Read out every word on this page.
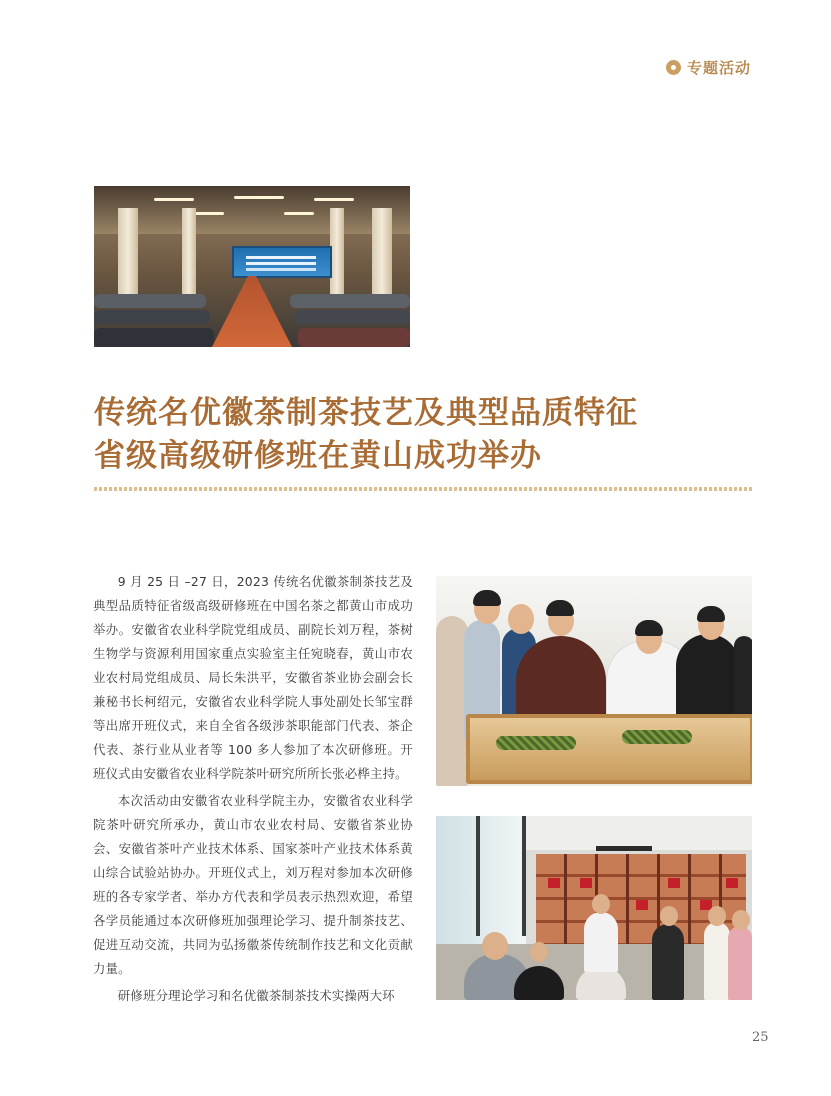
专题活动
传统名优徽茶制茶技艺及典型品质特征
省级高级研修班在黄山成功举办

9 月 25 日 –27 日，2023 传统名优徽茶制茶技艺及典型品质特征省级高级研修班在中国名茶之都黄山市成功举办。安徽省农业科学院党组成员、副院长刘万程，茶树生物学与资源利用国家重点实验室主任宛晓春，黄山市农业农村局党组成员、局长朱洪平，安徽省茶业协会副会长兼秘书长柯绍元，安徽省农业科学院人事处副处长邹宝群等出席开班仪式，来自全省各级涉茶职能部门代表、茶企代表、茶行业从业者等 100 多人参加了本次研修班。开班仪式由安徽省农业科学院茶叶研究所所长张必桦主持。

本次活动由安徽省农业科学院主办，安徽省农业科学院茶叶研究所承办，黄山市农业农村局、安徽省茶业协会、安徽省茶叶产业技术体系、国家茶叶产业技术体系黄山综合试验站协办。开班仪式上，刘万程对参加本次研修班的各专家学者、举办方代表和学员表示热烈欢迎，希望各学员能通过本次研修班加强理论学习、提升制茶技艺、促进互动交流，共同为弘扬徽茶传统制作技艺和文化贡献力量。

研修班分理论学习和名优徽茶制茶技术实操两大环

25
